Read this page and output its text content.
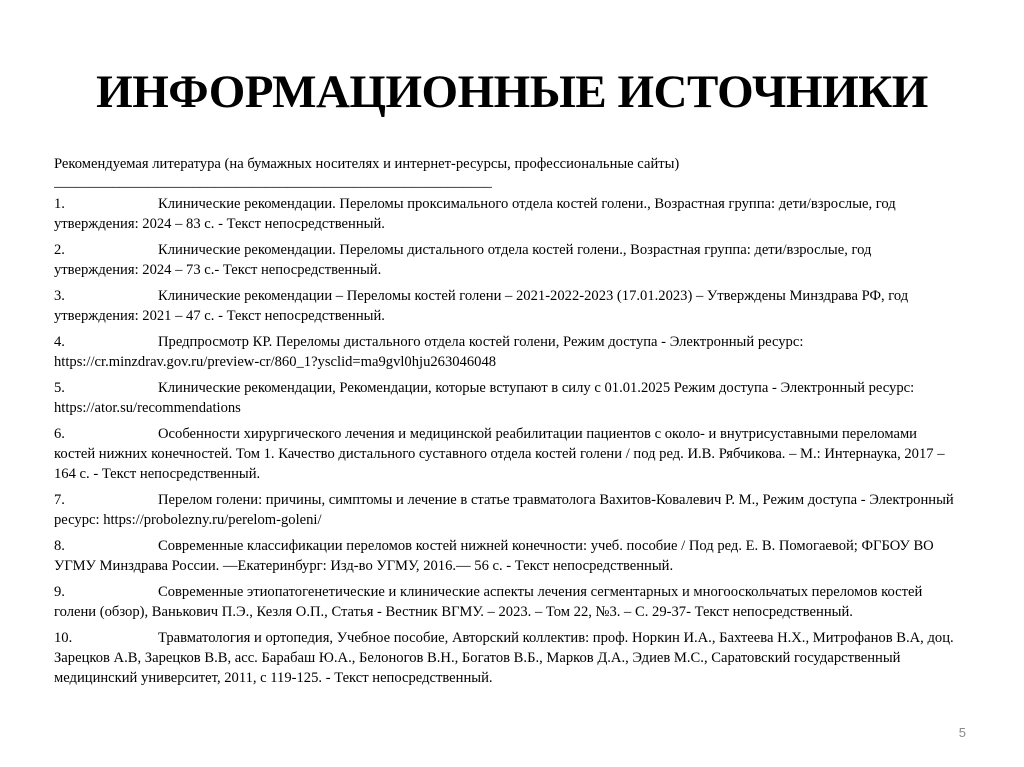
ИНФОРМАЦИОННЫЕ ИСТОЧНИКИ

Рекомендуемая литература (на бумажных носителях и интернет-ресурсы, профессиональные сайты)

____________________________________________________________

1.	Клинические рекомендации. Переломы проксимального отдела костей голени., Возрастная группа: дети/взрослые, год утверждения: 2024 – 83 с. - Текст непосредственный.

2.	Клинические рекомендации. Переломы дистального отдела костей голени., Возрастная группа: дети/взрослые, год утверждения: 2024 – 73 с.- Текст непосредственный.

3.	Клинические рекомендации – Переломы костей голени – 2021-2022-2023 (17.01.2023) – Утверждены Минздрава РФ, год утверждения: 2021 – 47 с. - Текст непосредственный.

4.	Предпросмотр КР. Переломы дистального отдела костей голени, Режим доступа - Электронный ресурс: https://cr.minzdrav.gov.ru/preview-cr/860_1?ysclid=ma9gvl0hju263046048

5.	Клинические рекомендации, Рекомендации, которые вступают в силу с 01.01.2025 Режим доступа - Электронный ресурс: https://ator.su/recommendations

6.	Особенности хирургического лечения и медицинской реабилитации пациентов с около- и внутрисуставными переломами костей нижних конечностей. Том 1. Качество дистального суставного отдела костей голени / под ред. И.В. Рябчикова. – М.: Интернаука, 2017 – 164 с. - Текст непосредственный.

7.	Перелом голени: причины, симптомы и лечение в статье травматолога Вахитов-Ковалевич Р. М., Режим доступа - Электронный ресурс: https://probolezny.ru/perelom-goleni/

8.	Современные классификации переломов костей нижней конечности: учеб. пособие / Под ред. Е. В. Помогаевой; ФГБОУ ВО УГМУ Минздрава России. —Екатеринбург: Изд-во УГМУ, 2016.— 56 с. - Текст непосредственный.

9.	Современные этиопатогенетические и клинические аспекты лечения сегментарных и многооскольчатых переломов костей голени (обзор), Ванькович П.Э., Кезля О.П., Статья - Вестник ВГМУ. – 2023. – Том 22, №3. – С. 29-37- Текст непосредственный.

10.	Травматология и ортопедия, Учебное пособие, Авторский коллектив: проф. Норкин И.А., Бахтеева Н.Х., Митрофанов В.А, доц. Зарецков А.В, Зарецков В.В, асс. Барабаш Ю.А., Белоногов В.Н., Богатов В.Б., Марков Д.А., Эдиев М.С., Саратовский государственный медицинский университет, 2011, с 119-125. - Текст непосредственный.

5
